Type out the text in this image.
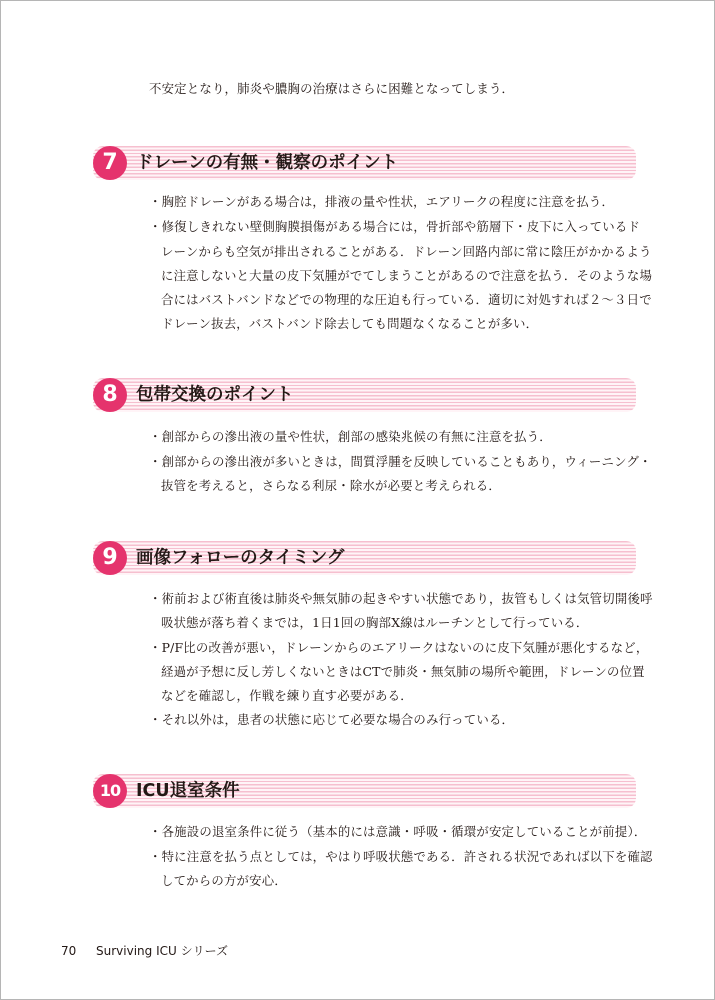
不安定となり，肺炎や膿胸の治療はさらに困難となってしまう．
7	ドレーンの有無・観察のポイント
・胸腔ドレーンがある場合は，排液の量や性状，エアリークの程度に注意を払う．
・修復しきれない壁側胸膜損傷がある場合には，骨折部や筋層下・皮下に入っているド
レーンからも空気が排出されることがある．ドレーン回路内部に常に陰圧がかかるよう
に注意しないと大量の皮下気腫がでてしまうことがあるので注意を払う．そのような場
合にはバストバンドなどでの物理的な圧迫も行っている．適切に対処すれば２〜３日で
ドレーン抜去，バストバンド除去しても問題なくなることが多い．
8	包帯交換のポイント
・創部からの滲出液の量や性状，創部の感染兆候の有無に注意を払う．
・創部からの滲出液が多いときは，間質浮腫を反映していることもあり，ウィーニング・
抜管を考えると，さらなる利尿・除水が必要と考えられる．
9	画像フォローのタイミング
・術前および術直後は肺炎や無気肺の起きやすい状態であり，抜管もしくは気管切開後呼
吸状態が落ち着くまでは，1日1回の胸部X線はルーチンとして行っている．
・P/F比の改善が悪い，ドレーンからのエアリークはないのに皮下気腫が悪化するなど，
経過が予想に反し芳しくないときはCTで肺炎・無気肺の場所や範囲，ドレーンの位置
などを確認し，作戦を練り直す必要がある．
・それ以外は，患者の状態に応じて必要な場合のみ行っている．
10 ICU退室条件
・各施設の退室条件に従う（基本的には意識・呼吸・循環が安定していることが前提）．
・特に注意を払う点としては，やはり呼吸状態である．許される状況であれば以下を確認
してからの方が安心．
70 Surviving ICU シリーズ
